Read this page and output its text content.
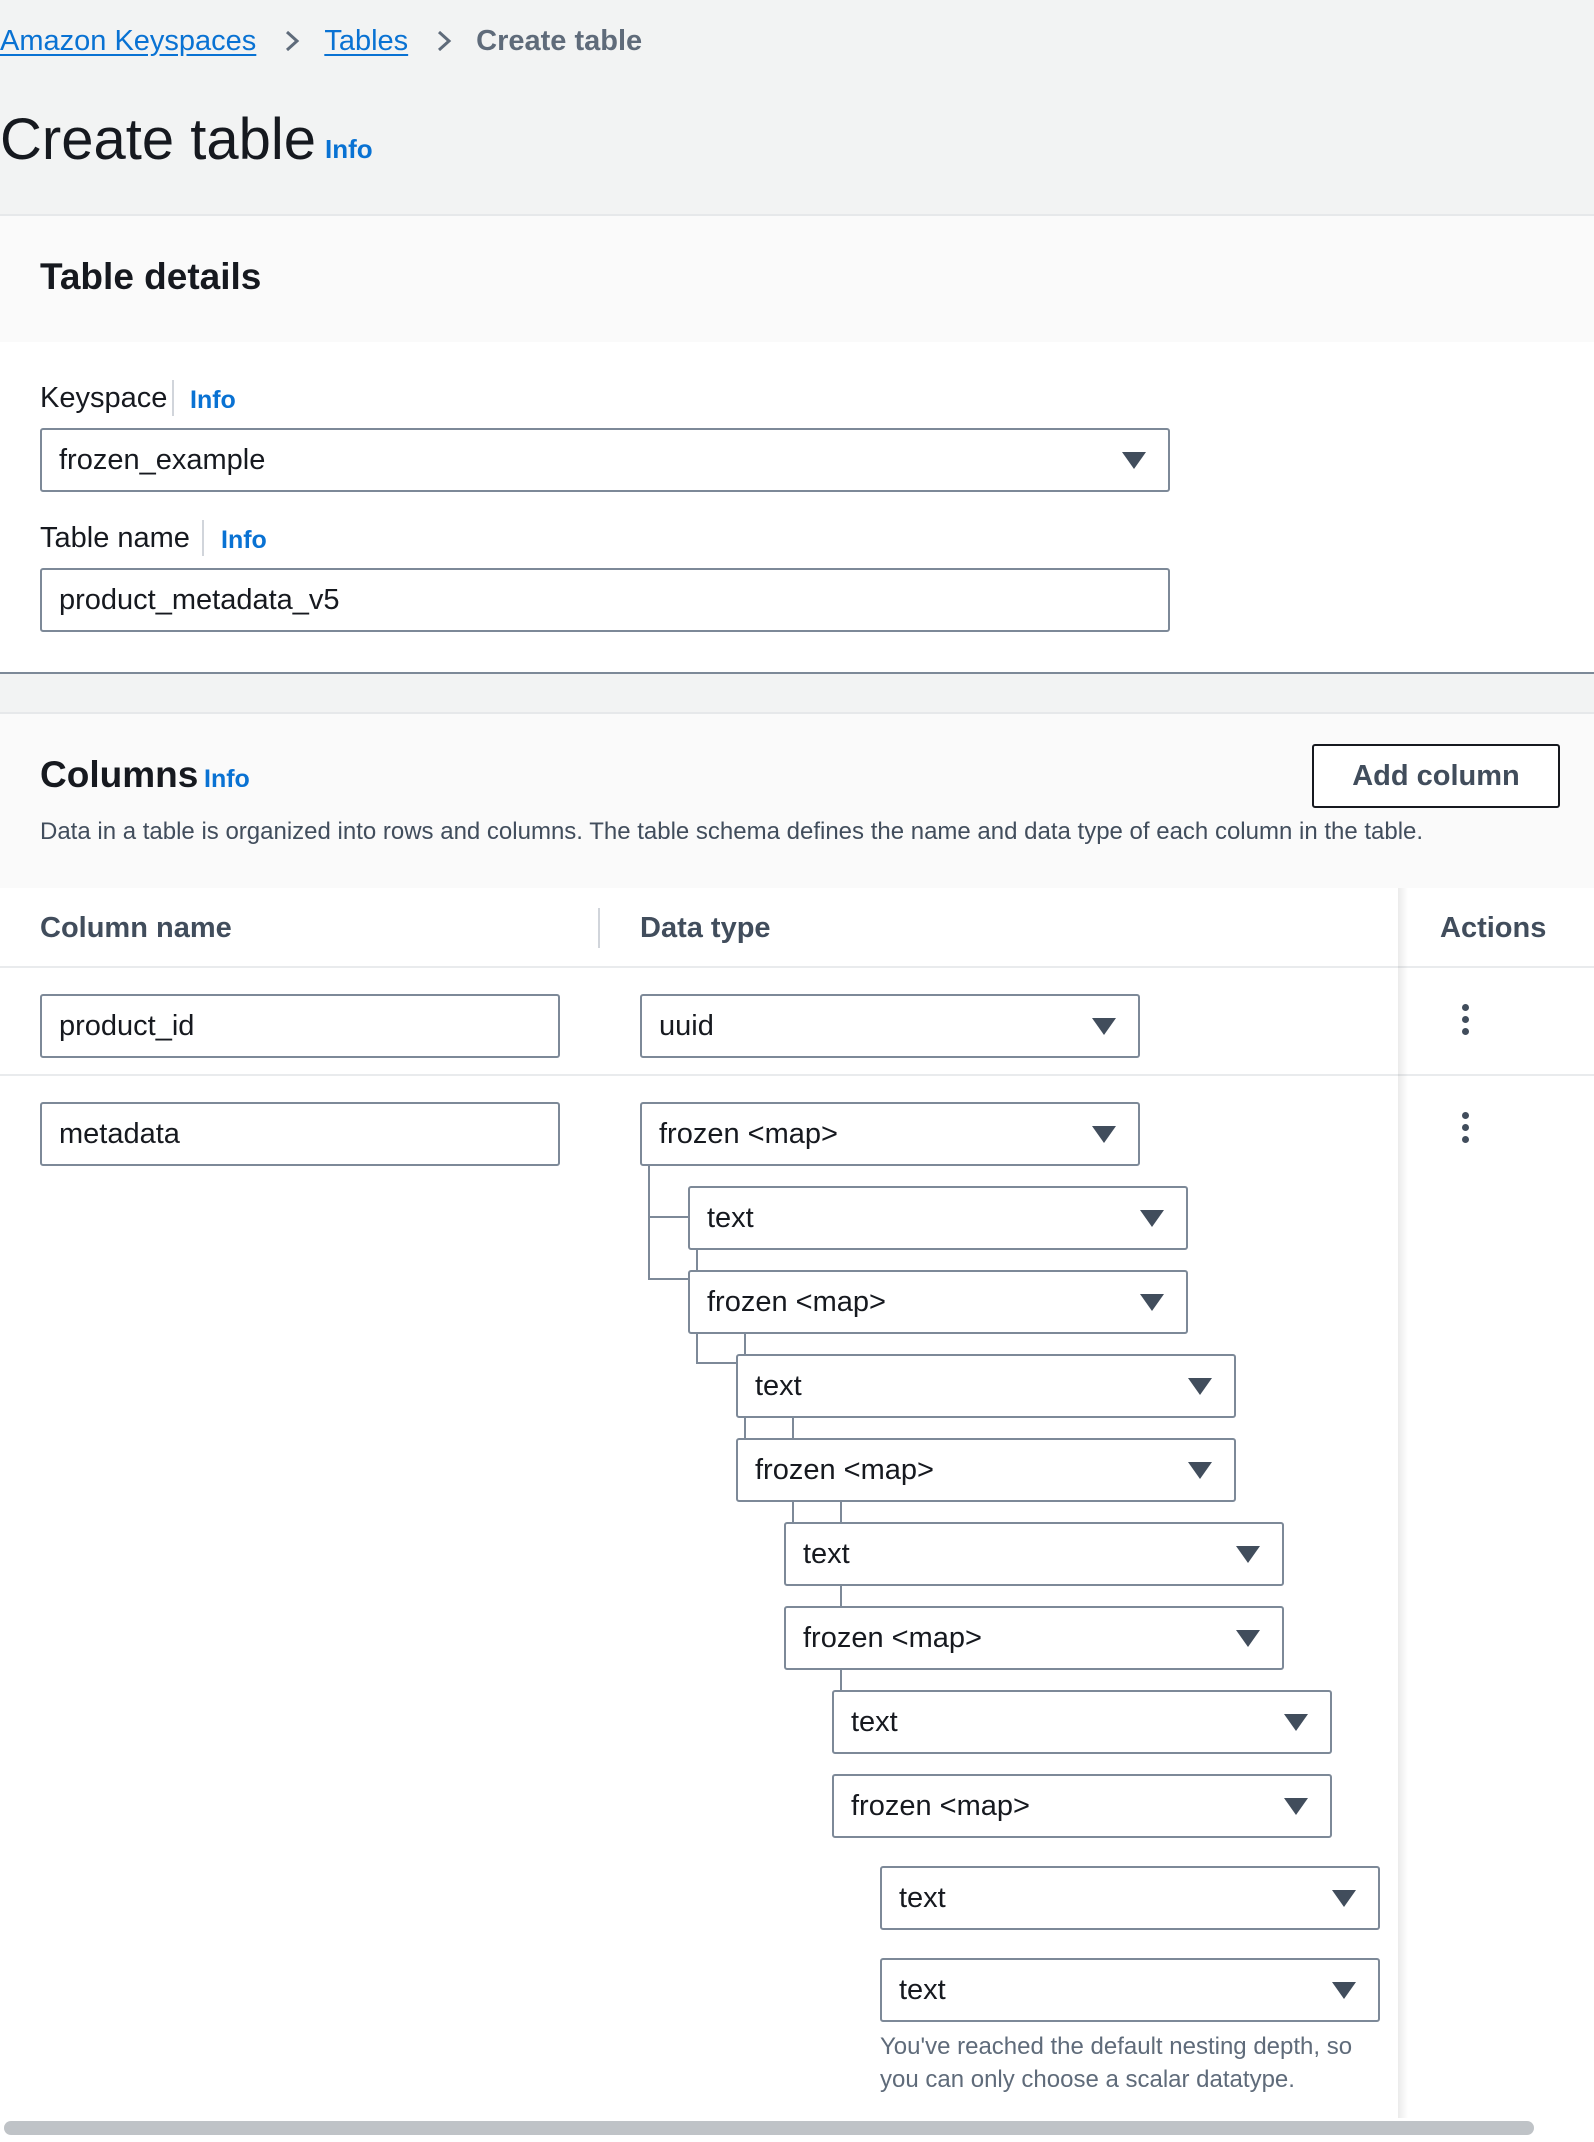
Amazon Keyspaces Tables Create table
Create table Info
Table details
Keyspace Info
frozen_example
Table name Info
product_metadata_v5
Columns Info	Add column
Data in a table is organized into rows and columns. The table schema defines the name and data type of each column in the table.
Column name	Data type	Actions
product_id	uuid
metadata	frozen <map>
text
frozen <map>
text
frozen <map>
text
frozen <map>
text
frozen <map>
text
text
You've reached the default nesting depth, so
you can only choose a scalar datatype.
